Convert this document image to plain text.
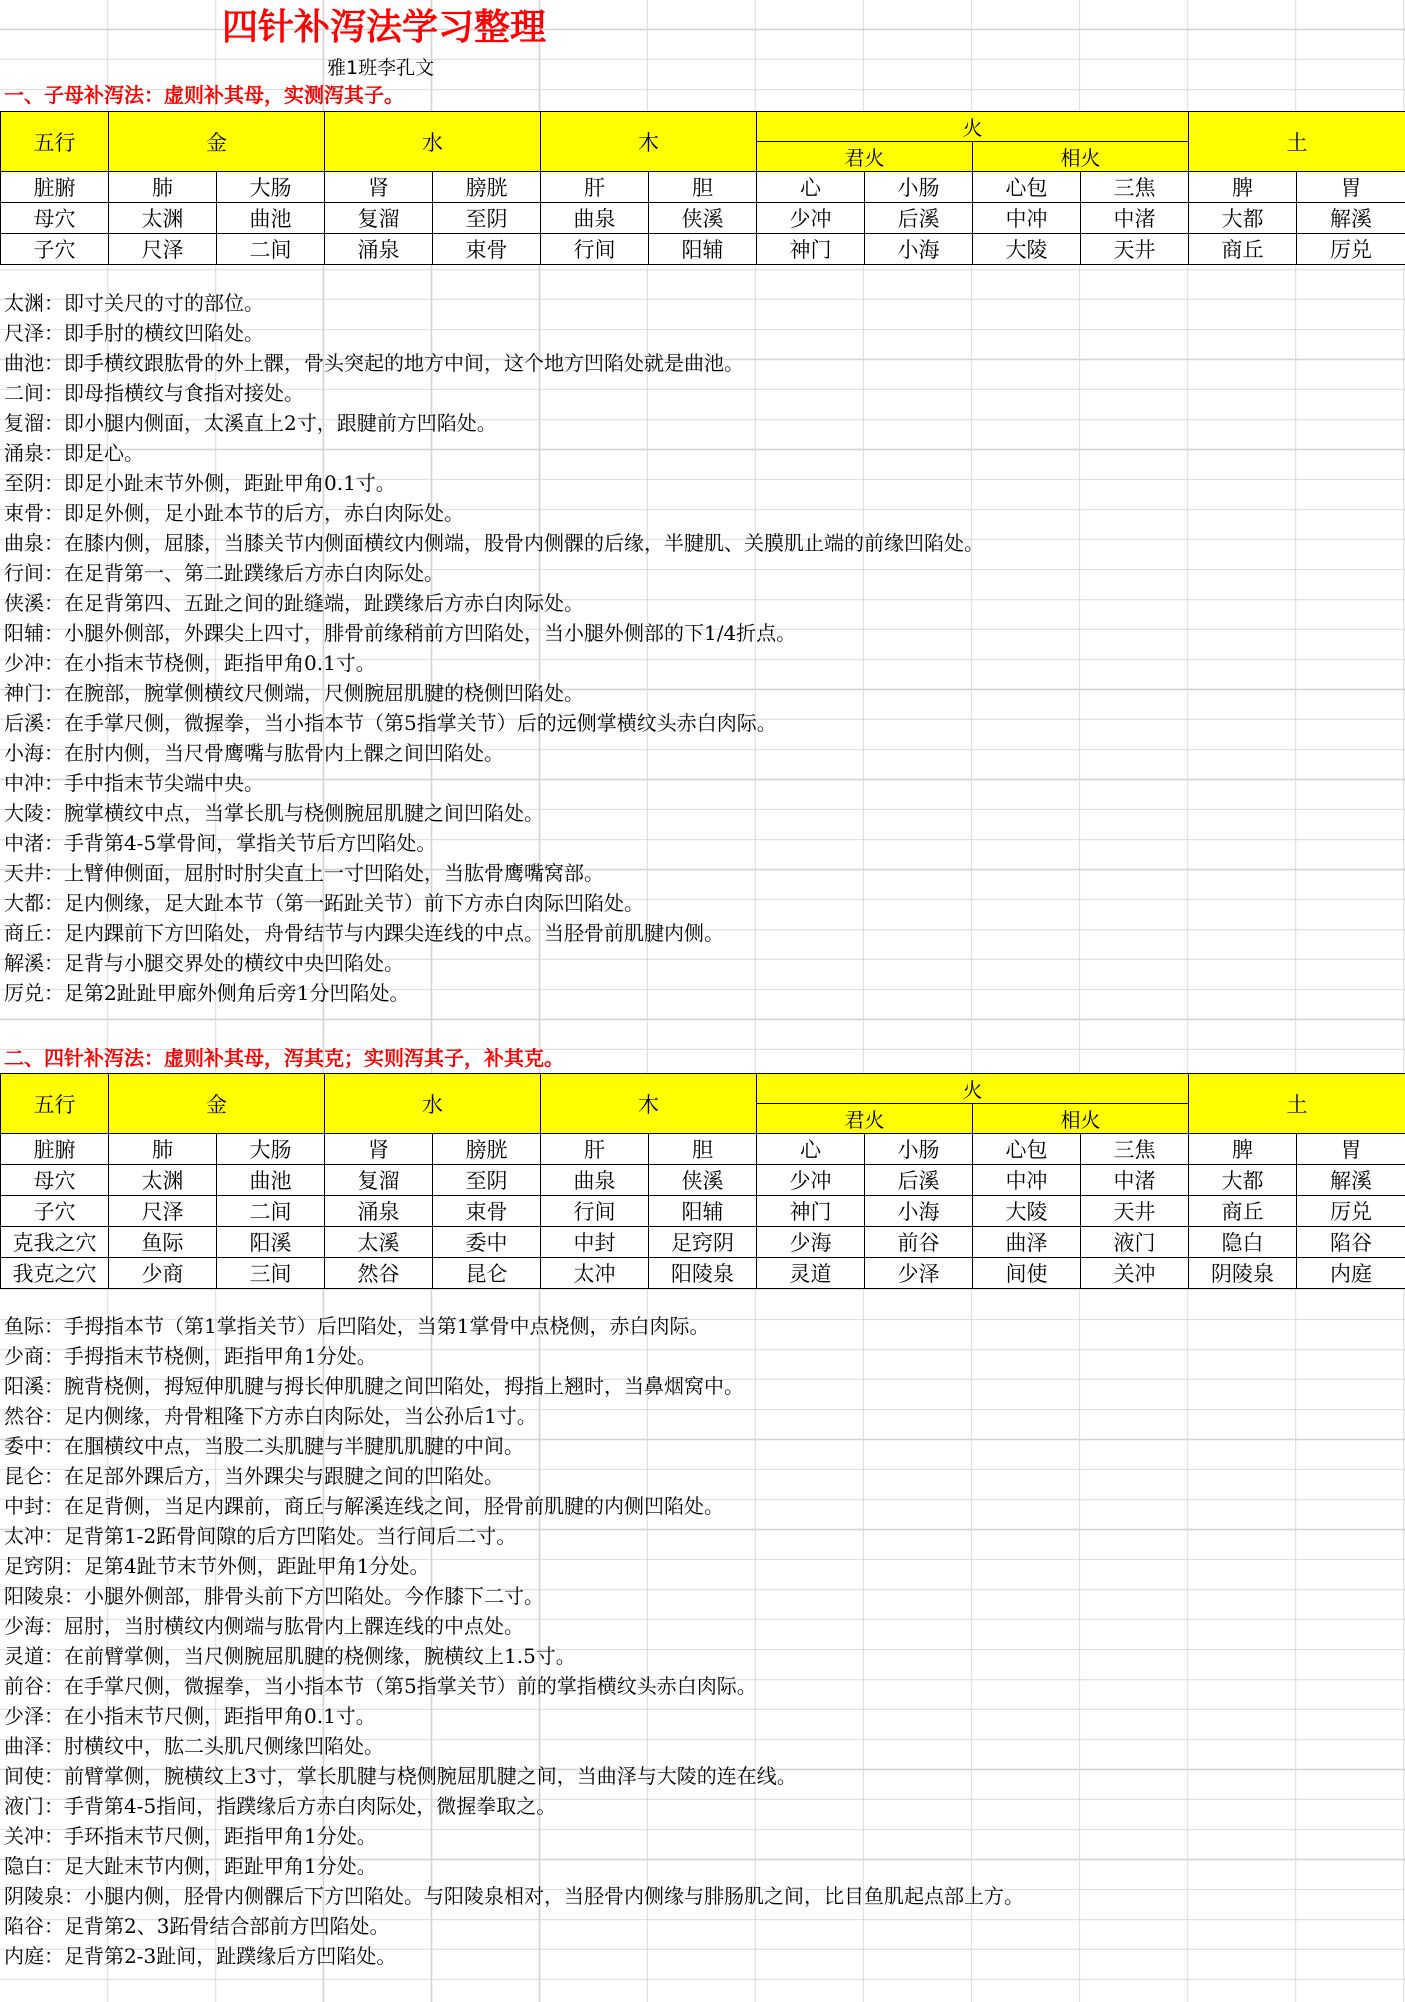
四针补泻法学习整理
雅1班李孔文
一、子母补泻法：虚则补其母，实测泻其子。
五行	金		水		木		火				土	
							君火		相火			
脏腑	肺	大肠	肾	膀胱	肝	胆	心	小肠	心包	三焦	脾	胃
母穴	太渊	曲池	复溜	至阴	曲泉	侠溪	少冲	后溪	中冲	中渚	大都	解溪
子穴	尺泽	二间	涌泉	束骨	行间	阳辅	神门	小海	大陵	天井	商丘	厉兑
太渊：即寸关尺的寸的部位。
尺泽：即手肘的横纹凹陷处。
曲池：即手横纹跟肱骨的外上髁，骨头突起的地方中间，这个地方凹陷处就是曲池。
二间：即母指横纹与食指对接处。
复溜：即小腿内侧面，太溪直上2寸，跟腱前方凹陷处。
涌泉：即足心。
至阴：即足小趾末节外侧，距趾甲角0.1寸。
束骨：即足外侧，足小趾本节的后方，赤白肉际处。
曲泉：在膝内侧，屈膝，当膝关节内侧面横纹内侧端，股骨内侧髁的后缘，半腱肌、关膜肌止端的前缘凹陷处。
行间：在足背第一、第二趾蹼缘后方赤白肉际处。
侠溪：在足背第四、五趾之间的趾缝端，趾蹼缘后方赤白肉际处。
阳辅：小腿外侧部，外踝尖上四寸，腓骨前缘稍前方凹陷处，当小腿外侧部的下1/4折点。
少冲：在小指末节桡侧，距指甲角0.1寸。
神门：在腕部，腕掌侧横纹尺侧端，尺侧腕屈肌腱的桡侧凹陷处。
后溪：在手掌尺侧，微握拳，当小指本节（第5指掌关节）后的远侧掌横纹头赤白肉际。
小海：在肘内侧，当尺骨鹰嘴与肱骨内上髁之间凹陷处。
中冲：手中指末节尖端中央。
大陵：腕掌横纹中点，当掌长肌与桡侧腕屈肌腱之间凹陷处。
中渚：手背第4-5掌骨间，掌指关节后方凹陷处。
天井：上臂伸侧面，屈肘时肘尖直上一寸凹陷处，当肱骨鹰嘴窝部。
大都：足内侧缘，足大趾本节（第一跖趾关节）前下方赤白肉际凹陷处。
商丘：足内踝前下方凹陷处，舟骨结节与内踝尖连线的中点。当胫骨前肌腱内侧。
解溪：足背与小腿交界处的横纹中央凹陷处。
厉兑：足第2趾趾甲廊外侧角后旁1分凹陷处。
二、四针补泻法：虚则补其母，泻其克；实则泻其子，补其克。
五行	金		水		木		火				土	
							君火		相火			
脏腑	肺	大肠	肾	膀胱	肝	胆	心	小肠	心包	三焦	脾	胃
母穴	太渊	曲池	复溜	至阴	曲泉	侠溪	少冲	后溪	中冲	中渚	大都	解溪
子穴	尺泽	二间	涌泉	束骨	行间	阳辅	神门	小海	大陵	天井	商丘	厉兑
克我之穴	鱼际	阳溪	太溪	委中	中封	足窍阴	少海	前谷	曲泽	液门	隐白	陷谷
我克之穴	少商	三间	然谷	昆仑	太冲	阳陵泉	灵道	少泽	间使	关冲	阴陵泉	内庭
鱼际：手拇指本节（第1掌指关节）后凹陷处，当第1掌骨中点桡侧，赤白肉际。
少商：手拇指末节桡侧，距指甲角1分处。
阳溪：腕背桡侧，拇短伸肌腱与拇长伸肌腱之间凹陷处，拇指上翘时，当鼻烟窝中。
然谷：足内侧缘，舟骨粗隆下方赤白肉际处，当公孙后1寸。
委中：在腘横纹中点，当股二头肌腱与半腱肌肌腱的中间。
昆仑：在足部外踝后方，当外踝尖与跟腱之间的凹陷处。
中封：在足背侧，当足内踝前，商丘与解溪连线之间，胫骨前肌腱的内侧凹陷处。
太冲：足背第1-2跖骨间隙的后方凹陷处。当行间后二寸。
足窍阴：足第4趾节末节外侧，距趾甲角1分处。
阳陵泉：小腿外侧部，腓骨头前下方凹陷处。今作膝下二寸。
少海：屈肘，当肘横纹内侧端与肱骨内上髁连线的中点处。
灵道：在前臂掌侧，当尺侧腕屈肌腱的桡侧缘，腕横纹上1.5寸。
前谷：在手掌尺侧，微握拳，当小指本节（第5指掌关节）前的掌指横纹头赤白肉际。
少泽：在小指末节尺侧，距指甲角0.1寸。
曲泽：肘横纹中，肱二头肌尺侧缘凹陷处。
间使：前臂掌侧，腕横纹上3寸，掌长肌腱与桡侧腕屈肌腱之间，当曲泽与大陵的连在线。
液门：手背第4-5指间，指蹼缘后方赤白肉际处，微握拳取之。
关冲：手环指末节尺侧，距指甲角1分处。
隐白：足大趾末节内侧，距趾甲角1分处。
阴陵泉：小腿内侧，胫骨内侧髁后下方凹陷处。与阳陵泉相对，当胫骨内侧缘与腓肠肌之间，比目鱼肌起点部上方。
陷谷：足背第2、3跖骨结合部前方凹陷处。
内庭：足背第2-3趾间，趾蹼缘后方凹陷处。
